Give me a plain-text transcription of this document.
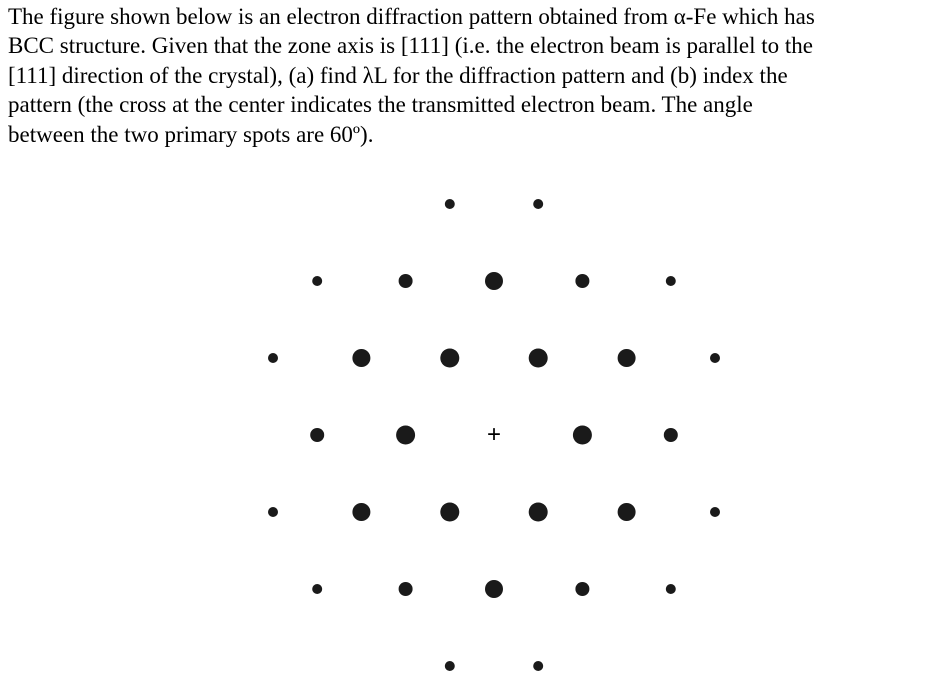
The figure shown below is an electron diffraction pattern obtained from α-Fe which has
BCC structure. Given that the zone axis is [111] (i.e. the electron beam is parallel to the
[111] direction of the crystal), (a) find λL for the diffraction pattern and (b) index the
pattern (the cross at the center indicates the transmitted electron beam. The angle
between the two primary spots are 60º).

+
